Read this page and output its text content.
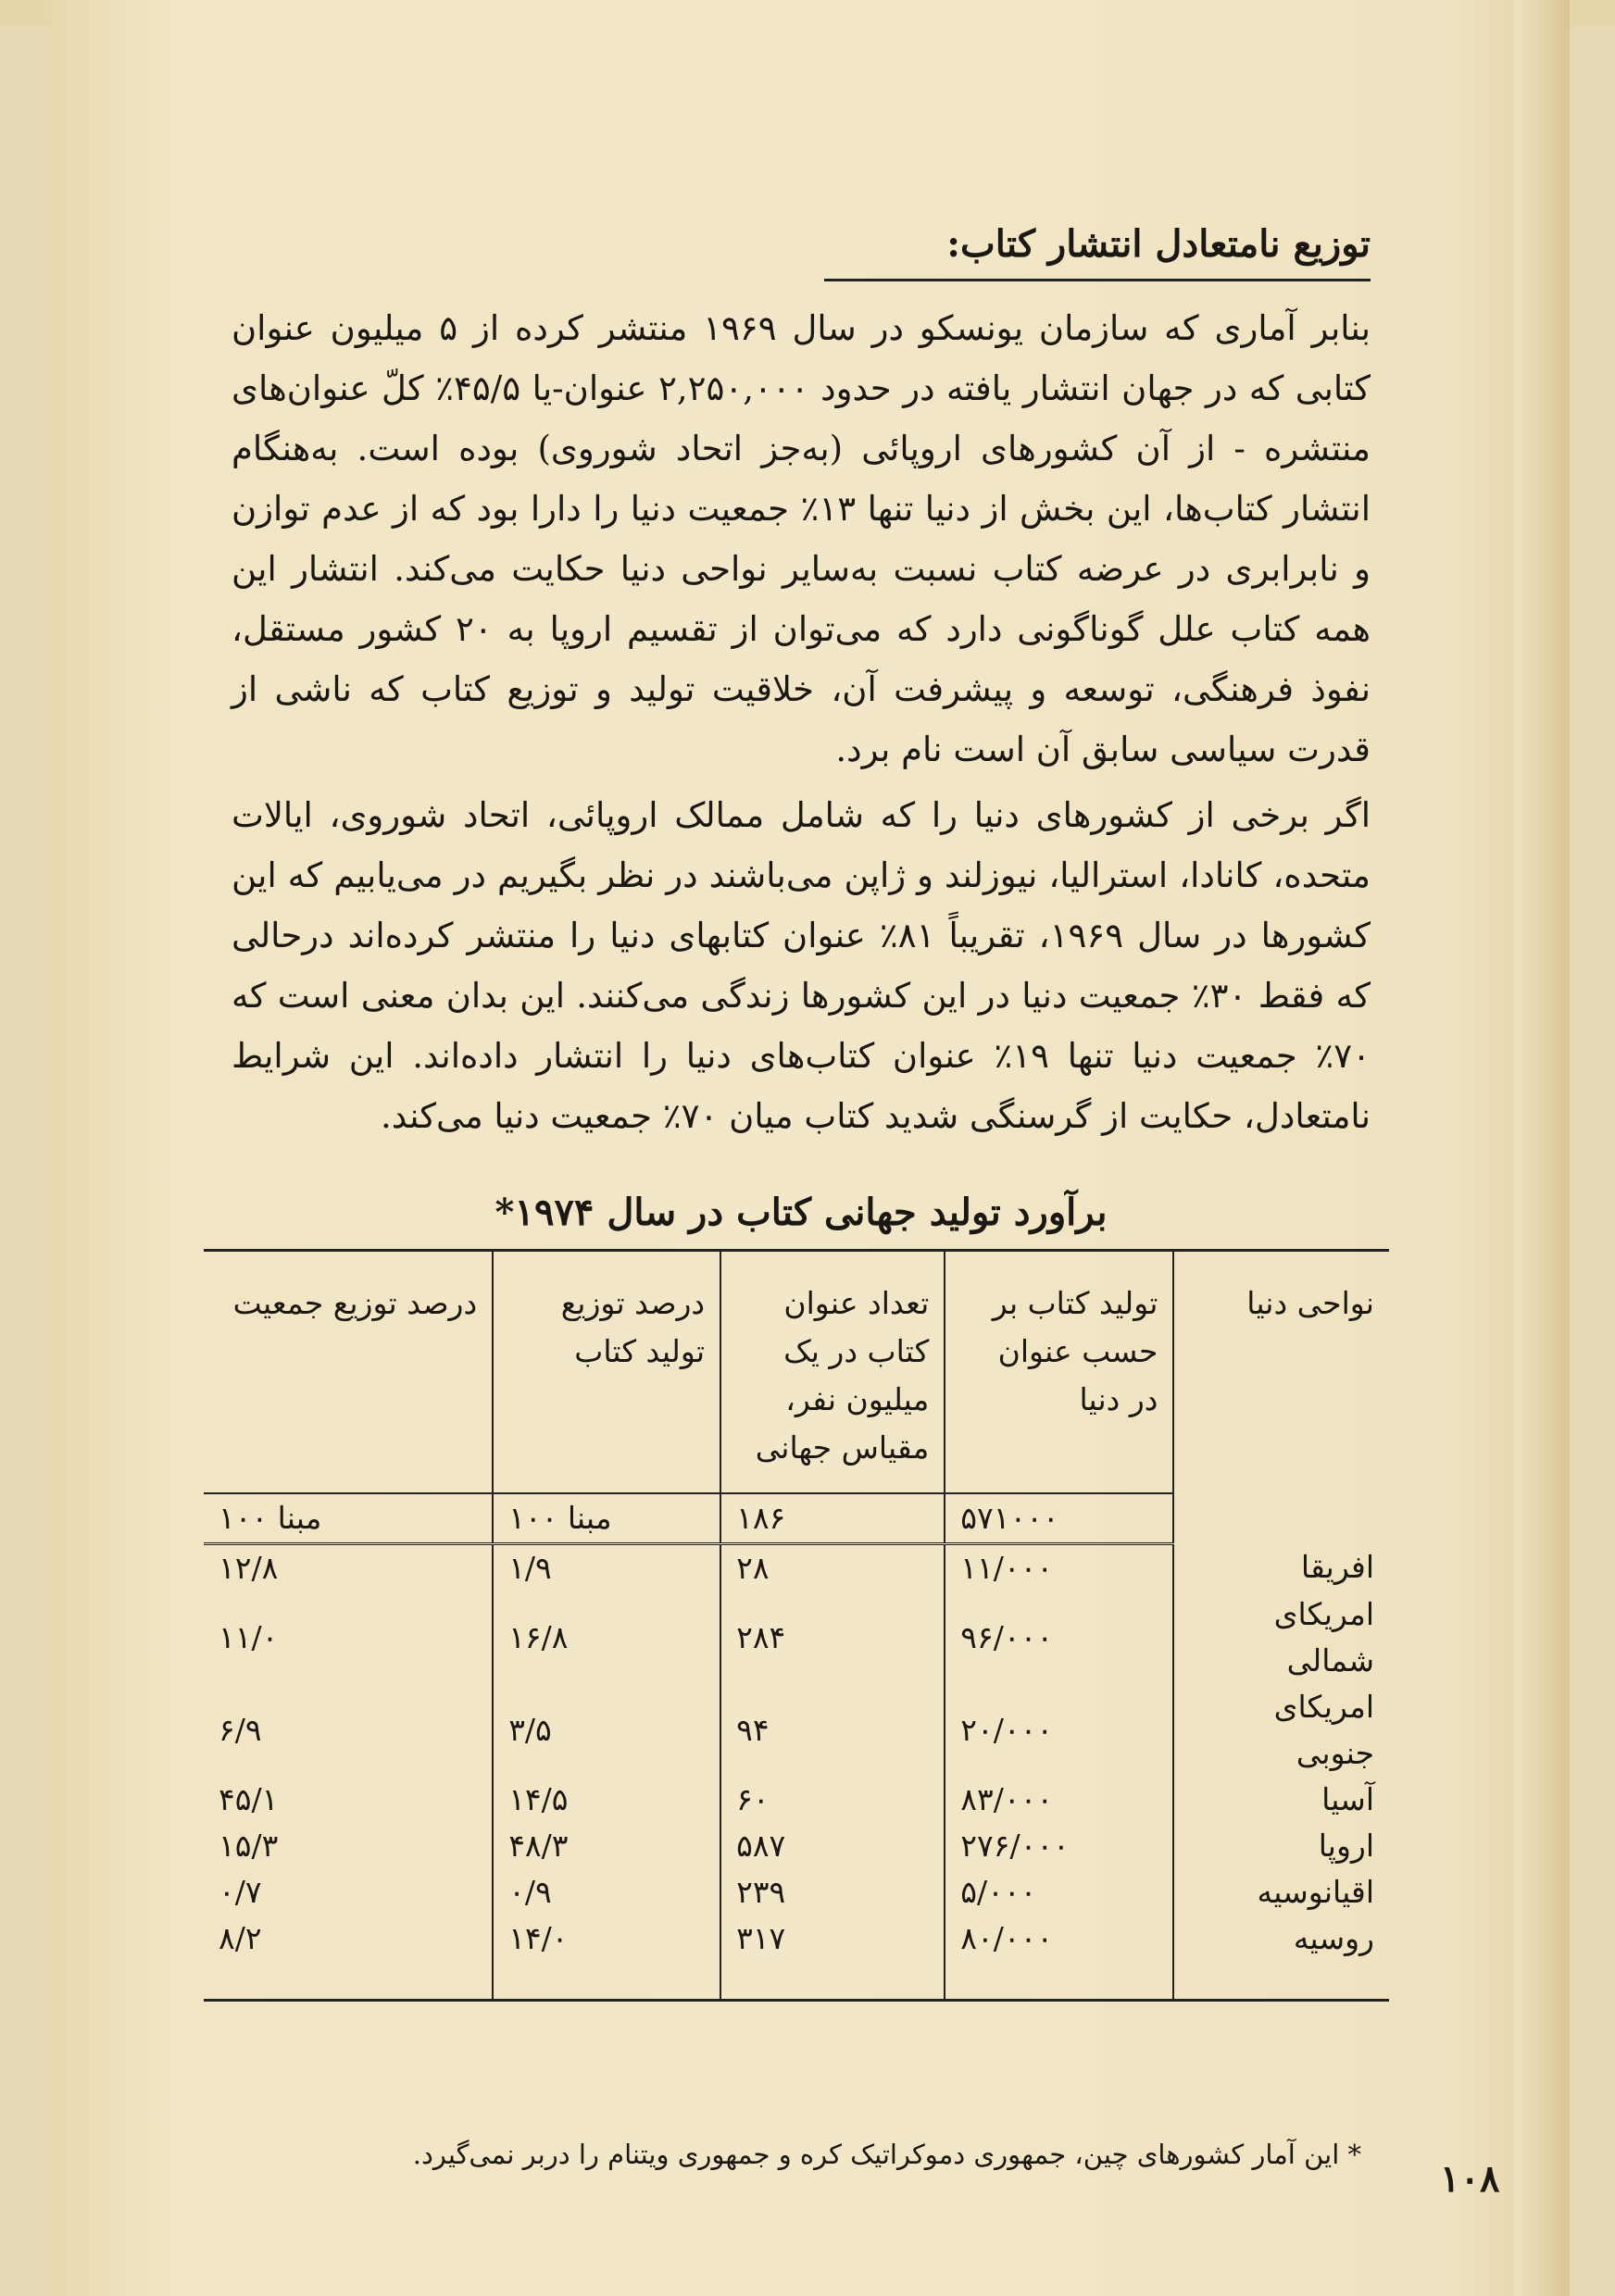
توزیع نامتعادل انتشار کتاب:

بنابر آماری که سازمان یونسکو در سال ۱۹۶۹ منتشر کرده از ۵ میلیون عنوان کتابی که در جهان انتشار یافته در حدود ۲,۲۵۰,۰۰۰ عنوان-یا ۴۵/۵٪ کلّ عنوان‌های منتشره - از آن کشورهای اروپائی (به‌جز اتحاد شوروی) بوده است. به‌هنگام انتشار کتاب‌ها، این بخش از دنیا تنها ۱۳٪ جمعیت دنیا را دارا بود که از عدم توازن و نابرابری در عرضه کتاب نسبت به‌سایر نواحی دنیا حکایت می‌کند. انتشار این همه کتاب علل گوناگونی دارد که می‌توان از تقسیم اروپا به ۲۰ کشور مستقل، نفوذ فرهنگی، توسعه و پیشرفت آن، خلاقیت تولید و توزیع کتاب که ناشی از قدرت سیاسی سابق آن است نام برد.

اگر برخی از کشورهای دنیا را که شامل ممالک اروپائی، اتحاد شوروی، ایالات متحده، کانادا، استرالیا، نیوزلند و ژاپن می‌باشند در نظر بگیریم در می‌یابیم که این کشورها در سال ۱۹۶۹، تقریباً ۸۱٪ عنوان کتابهای دنیا را منتشر کرده‌اند درحالی که فقط ۳۰٪ جمعیت دنیا در این کشورها زندگی می‌کنند. این بدان معنی است که ۷۰٪ جمعیت دنیا تنها ۱۹٪ عنوان کتاب‌های دنیا را انتشار داده‌اند. این شرایط نامتعادل، حکایت از گرسنگی شدید کتاب میان ۷۰٪ جمعیت دنیا می‌کند.

برآورد تولید جهانی کتاب در سال ۱۹۷۴*
نواحی دنیا	تولید کتاب بر حسب عنوان در دنیا	تعداد عنوان کتاب در یک میلیون نفر، مقیاس جهانی	درصد توزیع تولید کتاب	درصد توزیع جمعیت
	۵۷۱۰۰۰	۱۸۶	مبنا ۱۰۰	مبنا ۱۰۰
افریقا	۱۱/۰۰۰	۲۸	۱/۹	۱۲/۸
امریکای شمالی	۹۶/۰۰۰	۲۸۴	۱۶/۸	۱۱/۰
امریکای جنوبی	۲۰/۰۰۰	۹۴	۳/۵	۶/۹
آسیا	۸۳/۰۰۰	۶۰	۱۴/۵	۴۵/۱
اروپا	۲۷۶/۰۰۰	۵۸۷	۴۸/۳	۱۵/۳
اقیانوسیه	۵/۰۰۰	۲۳۹	۰/۹	۰/۷
روسیه	۸۰/۰۰۰	۳۱۷	۱۴/۰	۸/۲
* این آمار کشورهای چین، جمهوری دموکراتیک کره و جمهوری ویتنام را دربر نمی‌گیرد.
۱۰۸
